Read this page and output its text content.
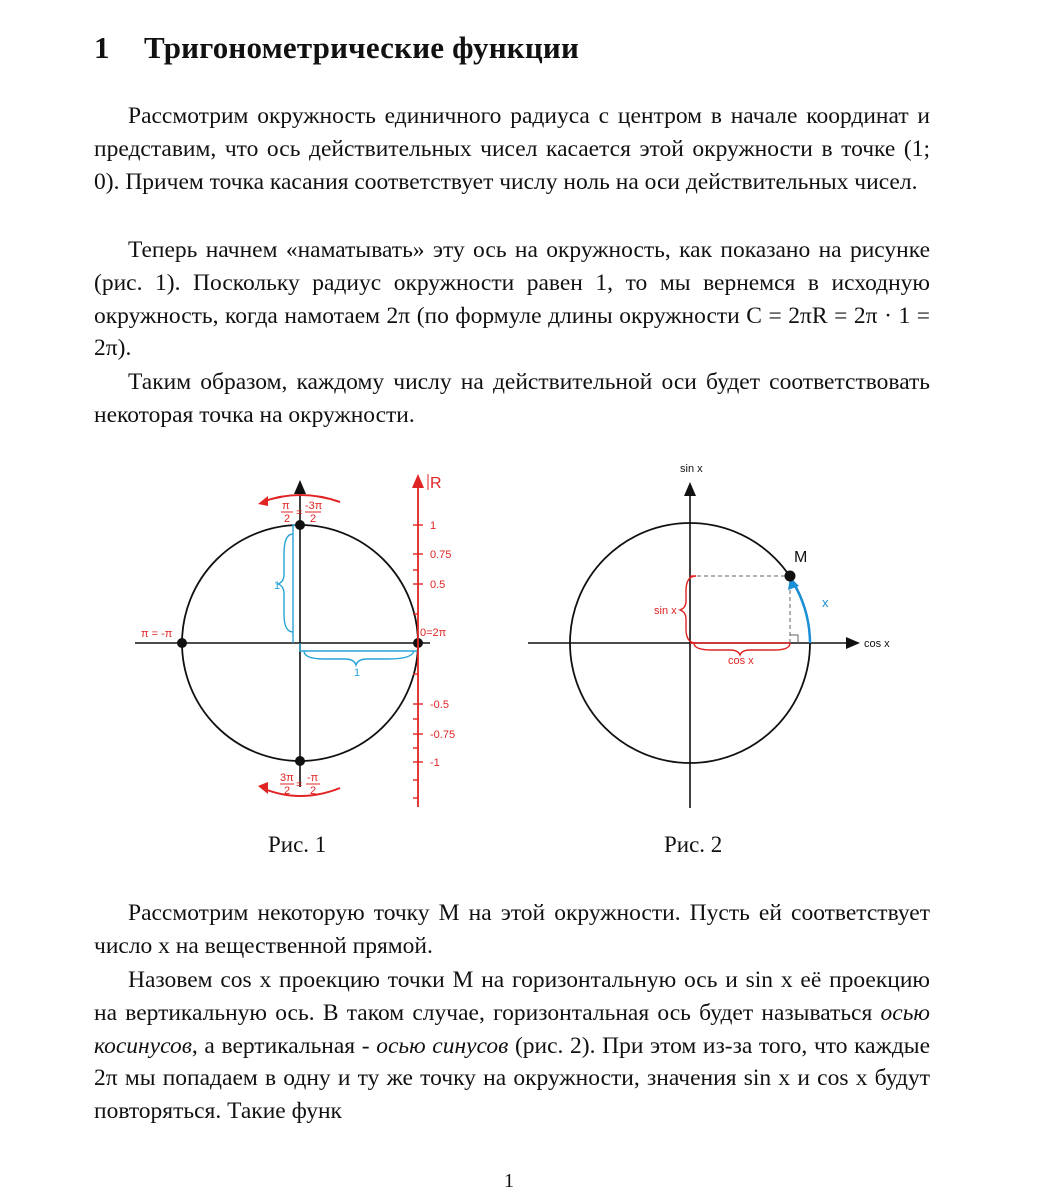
1 Тригонометрические функции

Рассмотрим окружность единичного радиуса с центром в начале координат и представим, что ось действительных чисел касается этой окружности в точке (1; 0). Причем точка касания соответствует числу ноль на оси действительных чисел.

Теперь начнем «наматывать» эту ось на окружность, как показано на рисунке (рис. 1). Поскольку радиус окружности равен 1, то мы вернемся в исходную окружность, когда намотаем 2π (по формуле длины окружности C = 2πR = 2π · 1 = 2π).

Таким образом, каждому числу на действительной оси будет соответствовать некоторая точка на окружности.

1
1
R
1
0.75
0.5
-0.5
-0.75
-1
π
2 =
-3π
2
3π
2 =
-π
2
π = -π	0=2π
sin x
cos x
sin x
cos x
x
M
Рис. 1	Рис. 2

Рассмотрим некоторую точку M на этой окружности. Пусть ей соответствует число x на вещественной прямой.

Назовем cos x проекцию точки M на горизонтальную ось и sin x её проекцию на вертикальную ось. В таком случае, горизонтальная ось будет называться осью косинусов, а вертикальная - осью синусов (рис. 2). При этом из-за того, что каждые 2π мы попадаем в одну и ту же точку на окружности, значения sin x и cos x будут повторяться. Такие функ

1
